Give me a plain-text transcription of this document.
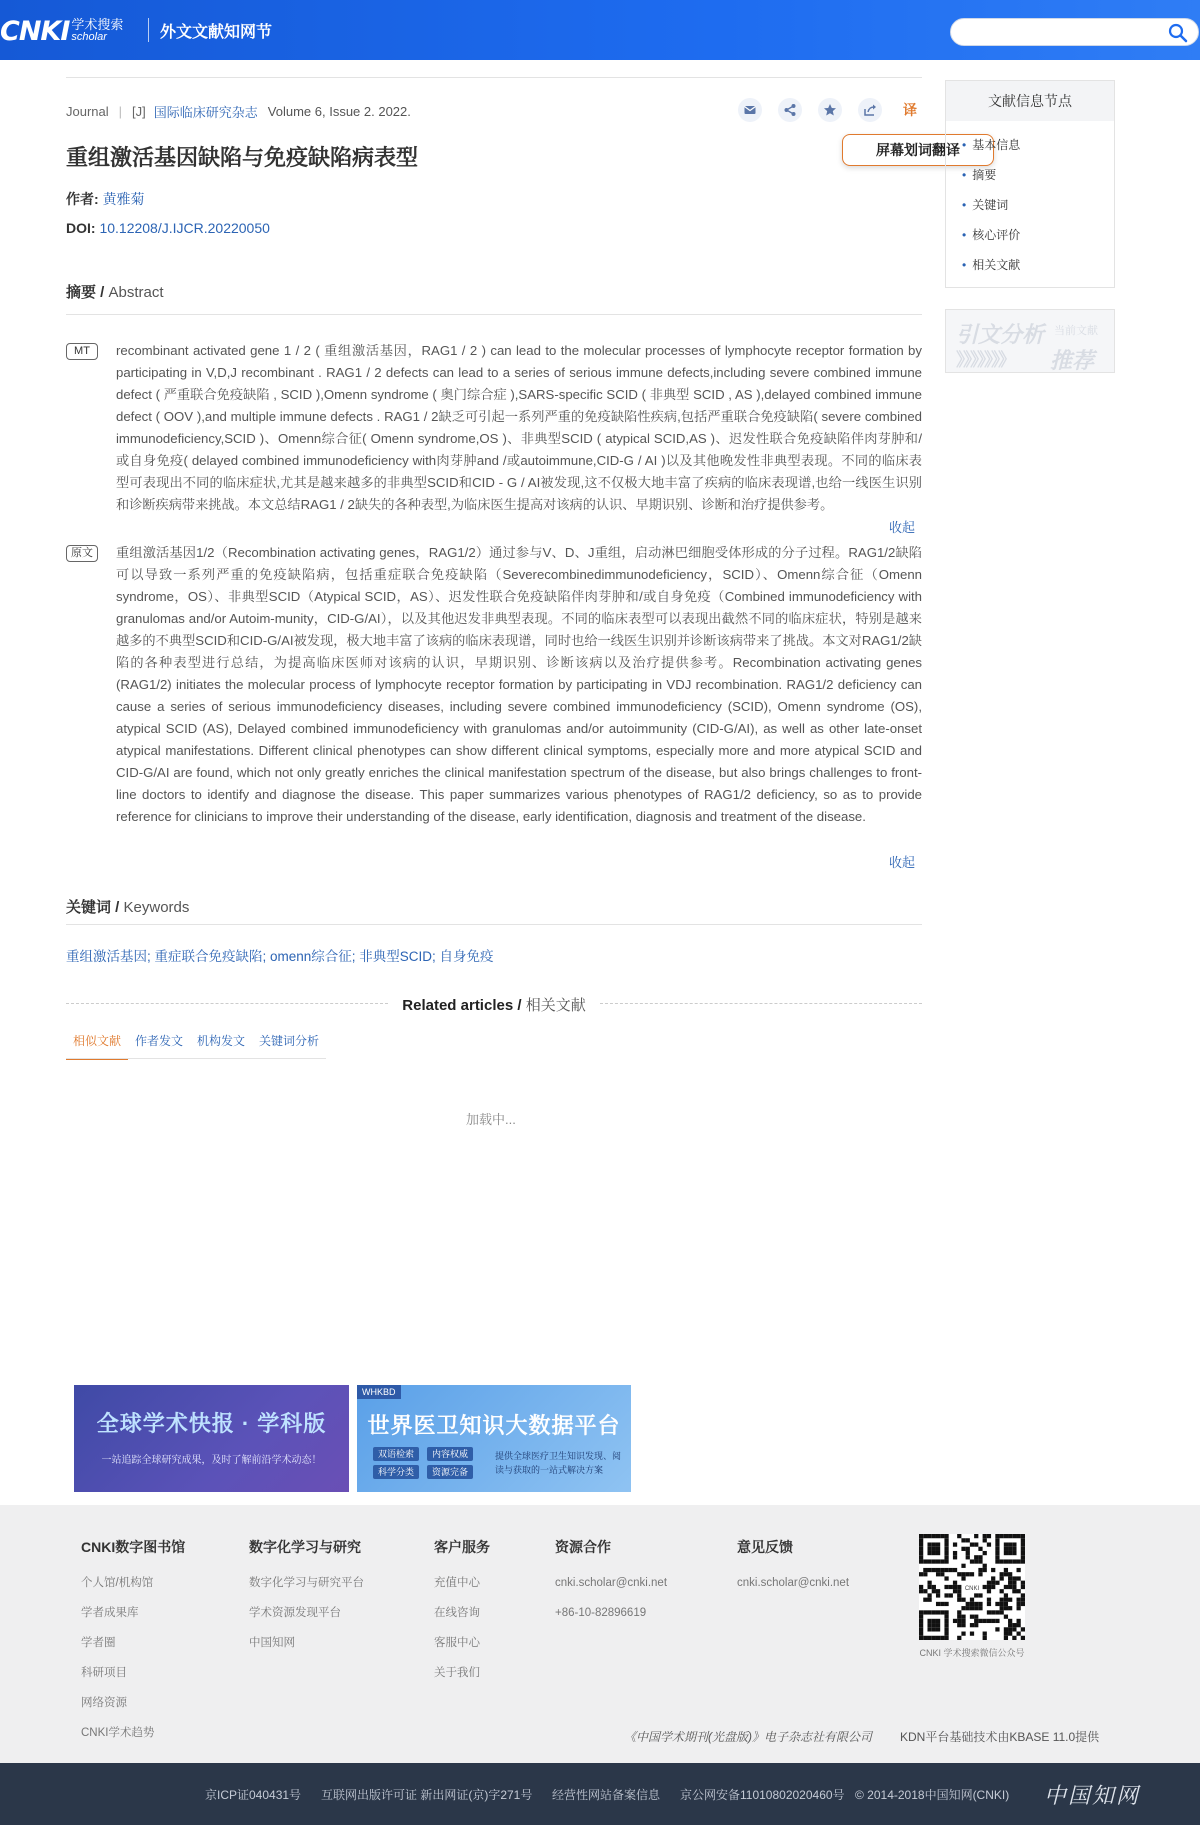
CNKI 学术搜索
scholar	外文文献知网节
Journal | [J] 国际临床研究杂志 Volume 6, Issue 2. 2022.	译
屏幕划词翻译
重组激活基因缺陷与免疫缺陷病表型
作者: 黄雅菊
DOI: 10.12208/J.IJCR.20220050
摘要 / Abstract
MT	recombinant activated gene 1 / 2 ( 重组激活基因，RAG1 / 2 ) can lead to the molecular processes of lymphocyte receptor formation by participating in V,D,J recombinant . RAG1 / 2 defects can lead to a series of serious immune defects,including severe combined immune defect ( 严重联合免疫缺陷 , SCID ),Omenn syndrome ( 奥门综合症 ),SARS-specific SCID ( 非典型 SCID , AS ),delayed combined immune defect ( OOV ),and multiple immune defects . RAG1 / 2缺乏可引起一系列严重的免疫缺陷性疾病,包括严重联合免疫缺陷( severe combined immunodeficiency,SCID )、Omenn综合征( Omenn syndrome,OS )、非典型SCID ( atypical SCID,AS )、迟发性联合免疫缺陷伴肉芽肿和/或自身免疫( delayed combined immunodeficiency with肉芽肿and /或autoimmune,CID-G / AI )以及其他晚发性非典型表现。不同的临床表型可表现出不同的临床症状,尤其是越来越多的非典型SCID和CID - G / AI被发现,这不仅极大地丰富了疾病的临床表现谱,也给一线医生识别和诊断疾病带来挑战。本文总结RAG1 / 2缺失的各种表型,为临床医生提高对该病的认识、早期识别、诊断和治疗提供参考。
收起
原文	重组激活基因1/2（Recombination activating genes，RAG1/2）通过参与V、D、J重组，启动淋巴细胞受体形成的分子过程。RAG1/2缺陷可以导致一系列严重的免疫缺陷病，包括重症联合免疫缺陷（Severecombinedimmunodeficiency，SCID）、Omenn综合征（Omenn syndrome，OS）、非典型SCID（Atypical SCID，AS）、迟发性联合免疫缺陷伴肉芽肿和/或自身免疫（Combined immunodeficiency with granulomas and/or Autoim-munity，CID-G/AI），以及其他迟发非典型表现。不同的临床表型可以表现出截然不同的临床症状，特别是越来越多的不典型SCID和CID-G/AI被发现，极大地丰富了该病的临床表现谱，同时也给一线医生识别并诊断该病带来了挑战。本文对RAG1/2缺陷的各种表型进行总结，为提高临床医师对该病的认识，早期识别、诊断该病以及治疗提供参考。Recombination activating genes (RAG1/2) initiates the molecular process of lymphocyte receptor formation by participating in VDJ recombination. RAG1/2 deficiency can cause a series of serious immunodeficiency diseases, including severe combined immunodeficiency (SCID), Omenn syndrome (OS), atypical SCID (AS), Delayed combined immunodeficiency with granulomas and/or autoimmunity (CID-G/AI), as well as other late-onset atypical manifestations. Different clinical phenotypes can show different clinical symptoms, especially more and more atypical SCID and CID-G/AI are found, which not only greatly enriches the clinical manifestation spectrum of the disease, but also brings challenges to front-line doctors to identify and diagnose the disease. This paper summarizes various phenotypes of RAG1/2 deficiency, so as to provide reference for clinicians to improve their understanding of the disease, early identification, diagnosis and treatment of the disease.
收起
关键词 / Keywords
重组激活基因; 重症联合免疫缺陷; omenn综合征; 非典型SCID; 自身免疫
Related articles / 相关文献
相似文献	作者发文	机构发文	关键词分析
加载中...
文献信息节点
• 基本信息
• 摘要
• 关键词
• 核心评价
• 相关文献
引文分析 当前文献
》》》》》》》 推荐
全球学术快报 · 学科版
一站追踪全球研究成果，及时了解前沿学术动态！
WHKBD
世界医卫知识大数据平台
双语检索	内容权威
科学分类	资源完备
提供全球医疗卫生知识发现、阅读与获取的一站式解决方案
CNKI数字图书馆
个人馆/机构馆
学者成果库
学者圈
科研项目
网络资源
CNKI学术趋势
数字化学习与研究
数字化学习与研究平台
学术资源发现平台
中国知网
客户服务
充值中心
在线咨询
客服中心
关于我们
资源合作
cnki.scholar@cnki.net
+86-10-82896619
意见反馈
cnki.scholar@cnki.net	CNKI
CNKI 学术搜索微信公众号
《中国学术期刊(光盘版)》电子杂志社有限公司 KDN平台基础技术由KBASE 11.0提供
京ICP证040431号 互联网出版许可证 新出网证(京)字271号 经营性网站备案信息 京公网安备11010802020460号 © 2014-2018中国知网(CNKI) 中国知网
